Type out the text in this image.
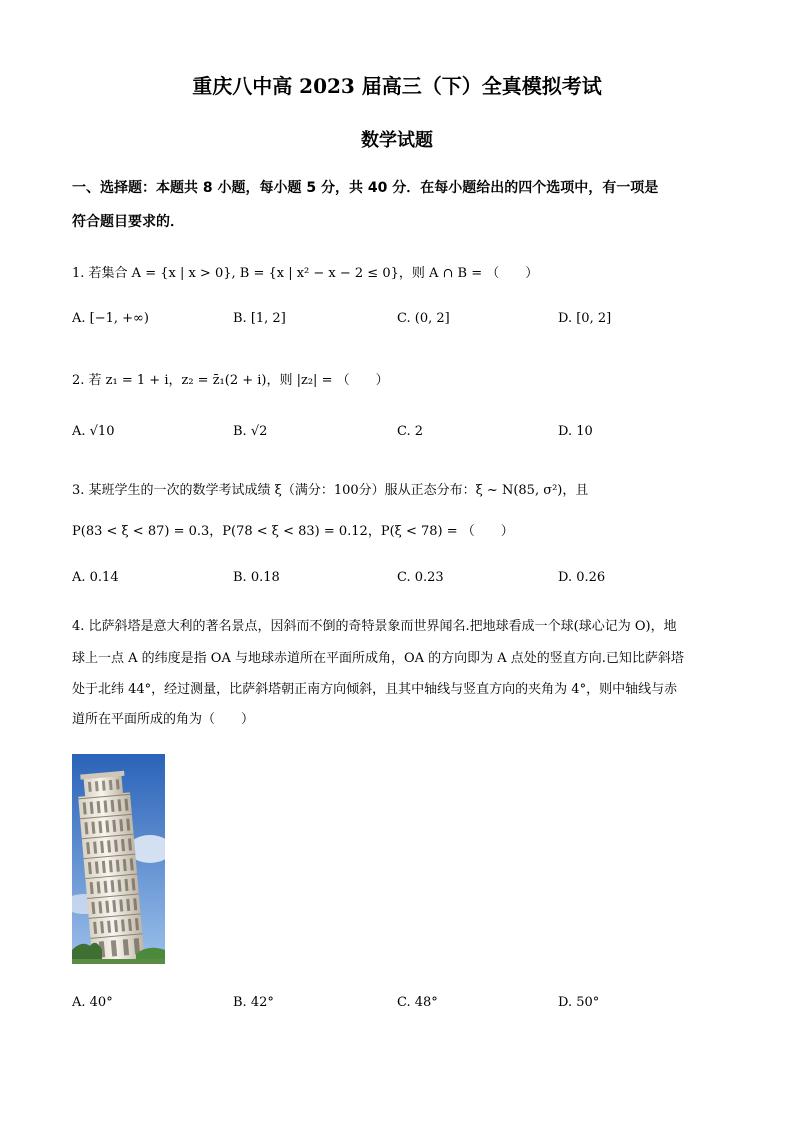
重庆八中高 2023 届高三（下）全真模拟考试
数学试题
一、选择题：本题共 8 小题，每小题 5 分，共 40 分．在每小题给出的四个选项中，有一项是
符合题目要求的．
1. 若集合 A = {x | x > 0}, B = {x | x² − x − 2 ≤ 0}，则 A ∩ B = （　　）
A. [−1, +∞)	B. [1, 2]	C. (0, 2]	D. [0, 2]
2. 若 z₁ = 1 + i，z₂ = z̄₁(2 + i)，则 |z₂| = （　　）
A. √10	B. √2	C. 2	D. 10
3. 某班学生的一次的数学考试成绩 ξ（满分：100分）服从正态分布：ξ ~ N(85, σ²)，且
P(83 < ξ < 87) = 0.3，P(78 < ξ < 83) = 0.12，P(ξ < 78) = （　　）
A. 0.14	B. 0.18	C. 0.23	D. 0.26
4. 比萨斜塔是意大利的著名景点，因斜而不倒的奇特景象而世界闻名.把地球看成一个球(球心记为 O)，地
球上一点 A 的纬度是指 OA 与地球赤道所在平面所成角，OA 的方向即为 A 点处的竖直方向.已知比萨斜塔
处于北纬 44°，经过测量，比萨斜塔朝正南方向倾斜，且其中轴线与竖直方向的夹角为 4°，则中轴线与赤
道所在平面所成的角为（　　）
A. 40°	B. 42°	C. 48°	D. 50°
